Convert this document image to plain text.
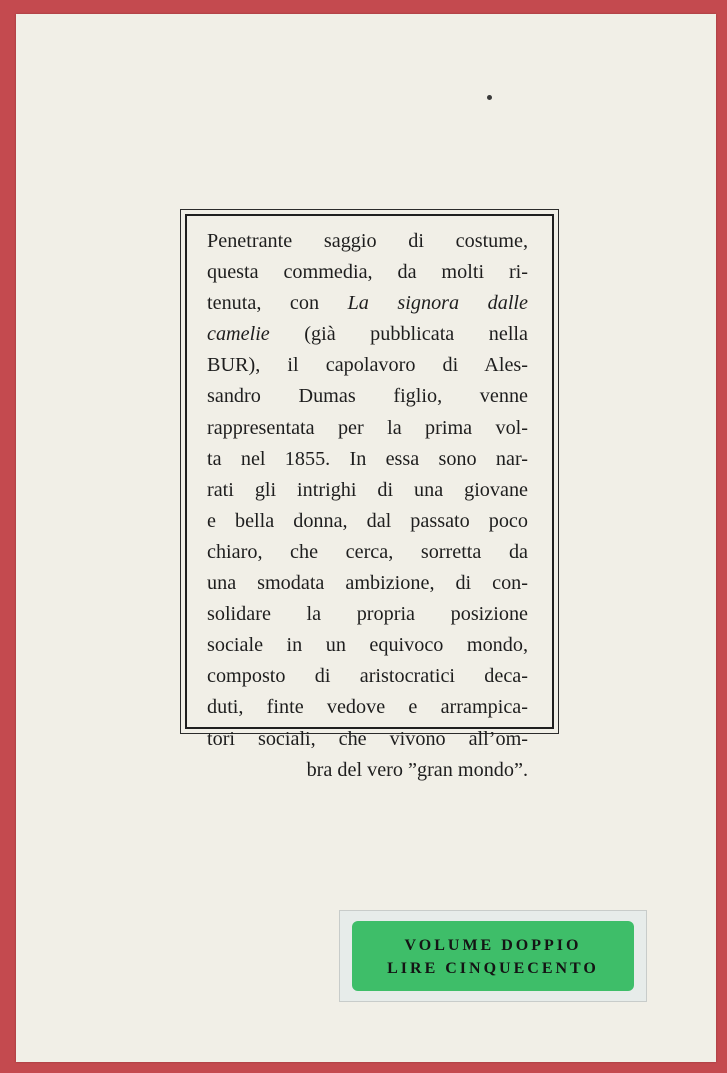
Penetrante saggio di costume,
questa commedia, da molti ri-
tenuta, con La signora dalle
camelie (già pubblicata nella
BUR), il capolavoro di Ales-
sandro Dumas figlio, venne
rappresentata per la prima vol-
ta nel 1855. In essa sono nar-
rati gli intrighi di una giovane
e bella donna, dal passato poco
chiaro, che cerca, sorretta da
una smodata ambizione, di con-
solidare la propria posizione
sociale in un equivoco mondo,
composto di aristocratici deca-
duti, finte vedove e arrampica-
tori sociali, che vivono all’om-
bra del vero ”gran mondo”.
VOLUME DOPPIO
LIRE CINQUECENTO
